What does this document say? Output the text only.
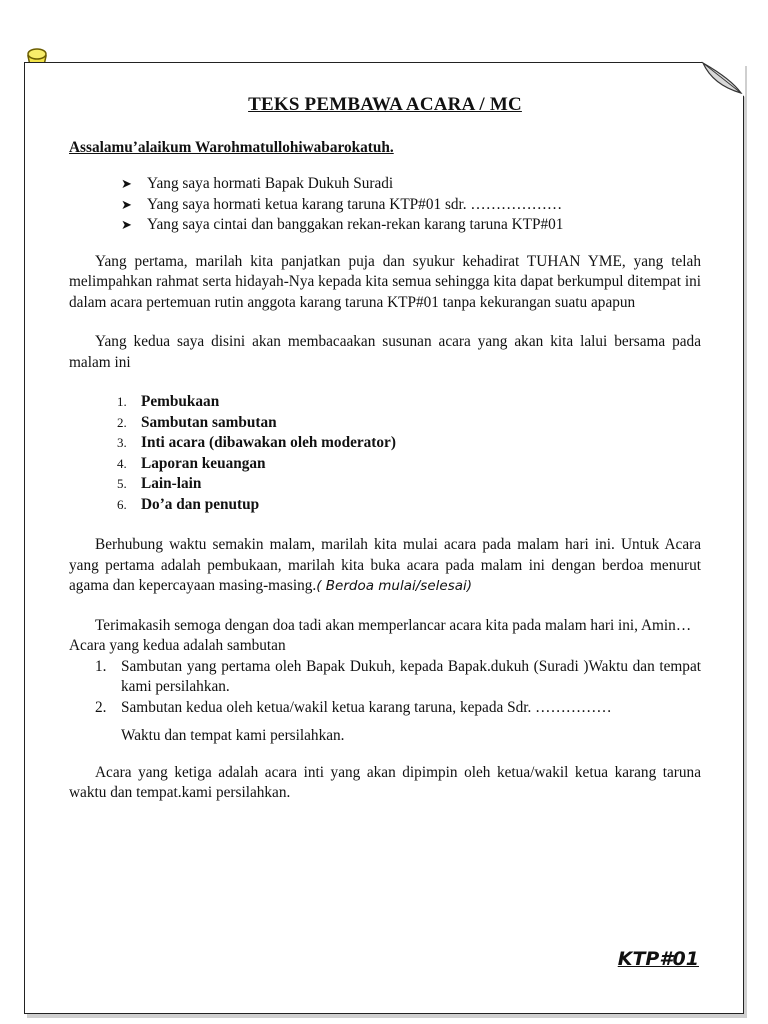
TEKS PEMBAWA ACARA / MC
Assalamu’alaikum Warohmatullohiwabarokatuh.
➤ Yang saya hormati Bapak Dukuh Suradi
➤ Yang saya hormati ketua karang taruna KTP#01 sdr. ………………
➤ Yang saya cintai dan banggakan rekan-rekan karang taruna KTP#01

Yang pertama, marilah kita panjatkan puja dan syukur kehadirat TUHAN YME, yang telah melimpahkan rahmat serta hidayah-Nya kepada kita semua sehingga kita dapat berkumpul ditempat ini dalam acara pertemuan rutin anggota karang taruna KTP#01 tanpa kekurangan suatu apapun

Yang kedua saya disini akan membacaakan susunan acara yang akan kita lalui bersama pada malam ini

1. Pembukaan
2. Sambutan sambutan
3. Inti acara (dibawakan oleh moderator)
4. Laporan keuangan
5. Lain-lain
6. Do’a dan penutup

Berhubung waktu semakin malam, marilah kita mulai acara pada malam hari ini. Untuk Acara yang pertama adalah pembukaan, marilah kita buka acara pada malam ini dengan berdoa menurut agama dan kepercayaan masing-masing.( Berdoa mulai/selesai)

Terimakasih semoga dengan doa tadi akan memperlancar acara kita pada malam hari ini, Amin…

Acara yang kedua adalah sambutan

1. Sambutan yang pertama oleh Bapak Dukuh, kepada Bapak.dukuh (Suradi )Waktu dan tempat kami persilahkan.
2. Sambutan kedua oleh ketua/wakil ketua karang taruna, kepada Sdr. ……………

Waktu dan tempat kami persilahkan.

Acara yang ketiga adalah acara inti yang akan dipimpin oleh ketua/wakil ketua karang taruna waktu dan tempat.kami persilahkan.

KTP#01
